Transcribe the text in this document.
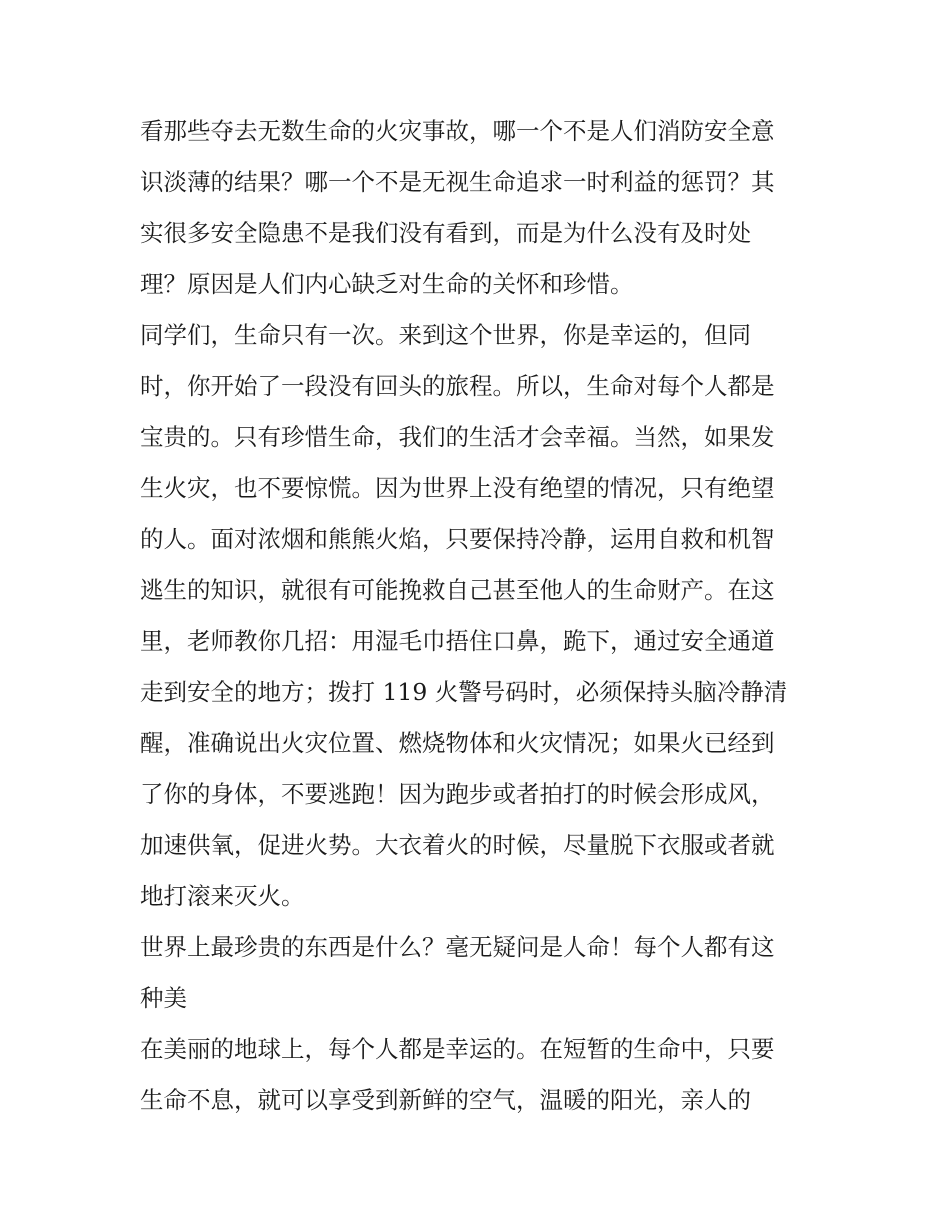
看那些夺去无数生命的火灾事故，哪一个不是人们消防安全意
识淡薄的结果？哪一个不是无视生命追求一时利益的惩罚？其
实很多安全隐患不是我们没有看到，而是为什么没有及时处
理？原因是人们内心缺乏对生命的关怀和珍惜。
同学们，生命只有一次。来到这个世界，你是幸运的，但同
时，你开始了一段没有回头的旅程。所以，生命对每个人都是
宝贵的。只有珍惜生命，我们的生活才会幸福。当然，如果发
生火灾，也不要惊慌。因为世界上没有绝望的情况，只有绝望
的人。面对浓烟和熊熊火焰，只要保持冷静，运用自救和机智
逃生的知识，就很有可能挽救自己甚至他人的生命财产。在这
里，老师教你几招：用湿毛巾捂住口鼻，跪下，通过安全通道
走到安全的地方；拨打 119 火警号码时，必须保持头脑冷静清
醒，准确说出火灾位置、燃烧物体和火灾情况；如果火已经到
了你的身体，不要逃跑！因为跑步或者拍打的时候会形成风，
加速供氧，促进火势。大衣着火的时候，尽量脱下衣服或者就
地打滚来灭火。
世界上最珍贵的东西是什么？毫无疑问是人命！每个人都有这
种美
在美丽的地球上，每个人都是幸运的。在短暂的生命中，只要
生命不息，就可以享受到新鲜的空气，温暖的阳光，亲人的
